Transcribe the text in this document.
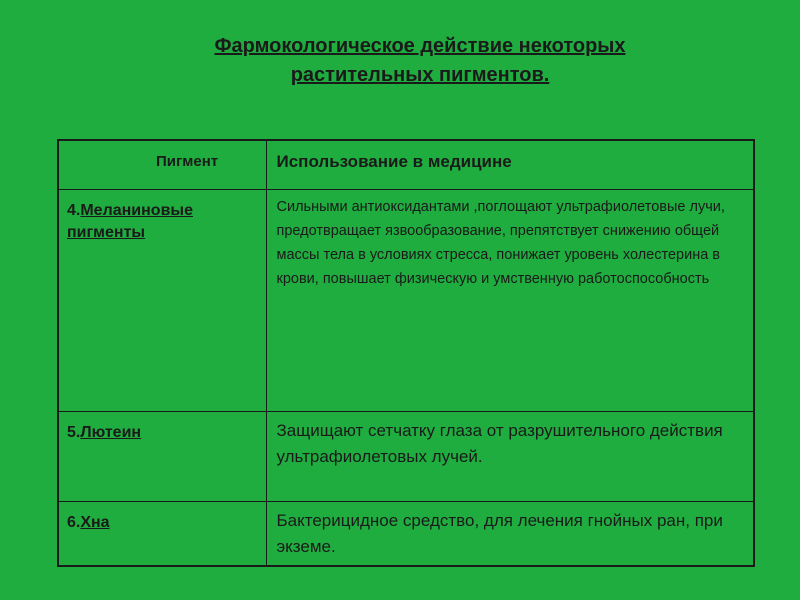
Фармокологическое действие некоторых
растительных пигментов.
Пигмент	Использование в медицине
4.Меланиновые пигменты	Сильными антиоксидантами ,поглощают ультрафиолетовые лучи, предотвращает язвообразование, препятствует снижению общей массы тела в условиях стресса, понижает уровень холестерина в крови, повышает физическую и умственную работоспособность
5.Лютеин	Защищают сетчатку глаза от разрушительного действия ультрафиолетовых лучей.
6.Хна	Бактерицидное средство, для лечения гнойных ран, при экземе.
